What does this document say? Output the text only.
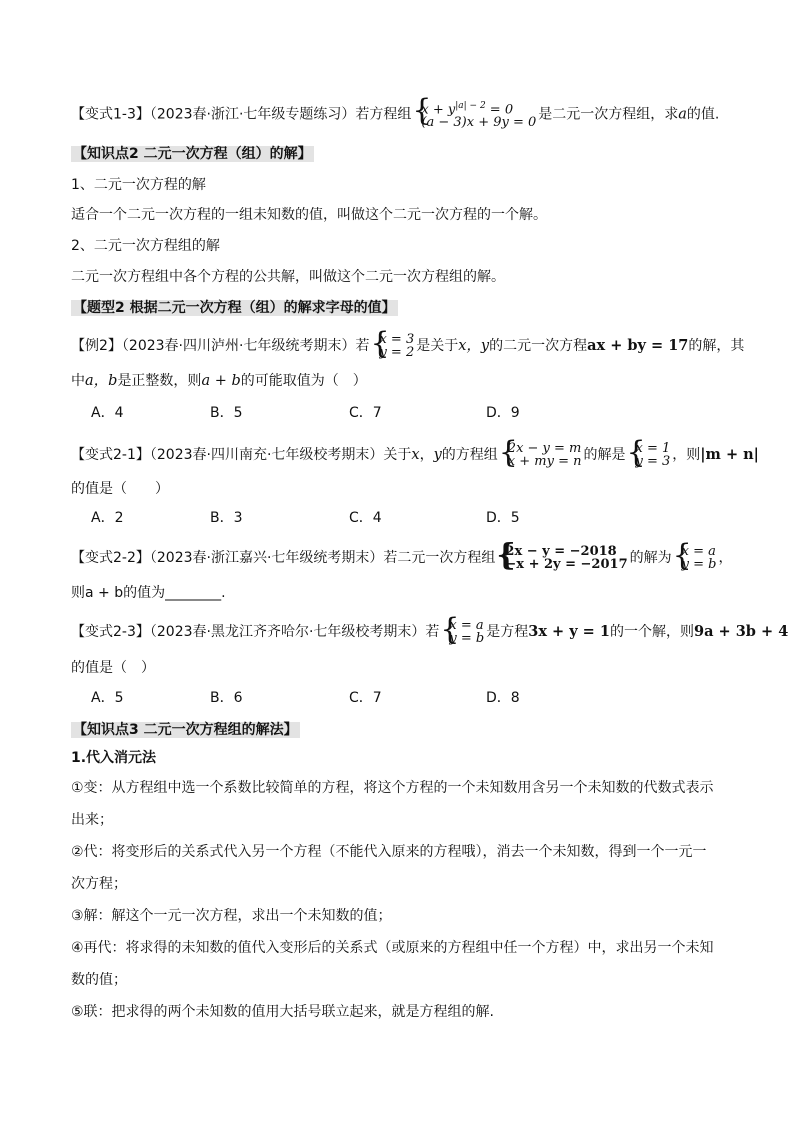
【变式1-3】（2023春·浙江·七年级专题练习）若方程组 { $x + y^{|a| - 2} = 0$
(a − 3)x + 9y = 0
是二元一次方程组，求a的值.
【知识点2 二元一次方程（组）的解】
1、二元一次方程的解
适合一个二元一次方程的一组未知数的值，叫做这个二元一次方程的一个解。
2、二元一次方程组的解
二元一次方程组中各个方程的公共解，叫做这个二元一次方程组的解。
【题型2 根据二元一次方程（组）的解求字母的值】
【例2】（2023春·四川泸州·七年级统考期末）若 { x = 3
y = 2 是关于x，y的二元一次方程ax + by = 17的解，其
中a，b是正整数，则a + b的可能取值为（　）
A．4	B．5	C．7	D．9
【变式2-1】（2023春·四川南充·七年级校考期末）关于x，y的方程组 { 2x − y = m
x + my = n 的解是 { x = 1
y = 3 ，则|m + n|
的值是（　　）
A．2	B．3	C．4	D．5
【变式2-2】（2023春·浙江嘉兴·七年级统考期末）若二元一次方程组 { 2x − y = −2018
−x + 2y = −2017 的解为 { x = a
y = b ，
则a + b的值为________.
【变式2-3】（2023春·黑龙江齐齐哈尔·七年级校考期末）若 { x = a
y = b 是方程3x + y = 1的一个解，则9a + 3b + 4
的值是（　）
A．5	B．6	C．7	D．8
【知识点3 二元一次方程组的解法】
1.代入消元法
①变：从方程组中选一个系数比较简单的方程，将这个方程的一个未知数用含另一个未知数的代数式表示
出来；
②代：将变形后的关系式代入另一个方程（不能代入原来的方程哦），消去一个未知数，得到一个一元一
次方程；
③解：解这个一元一次方程，求出一个未知数的值；
④再代：将求得的未知数的值代入变形后的关系式（或原来的方程组中任一个方程）中，求出另一个未知
数的值；
⑤联：把求得的两个未知数的值用大括号联立起来，就是方程组的解.
